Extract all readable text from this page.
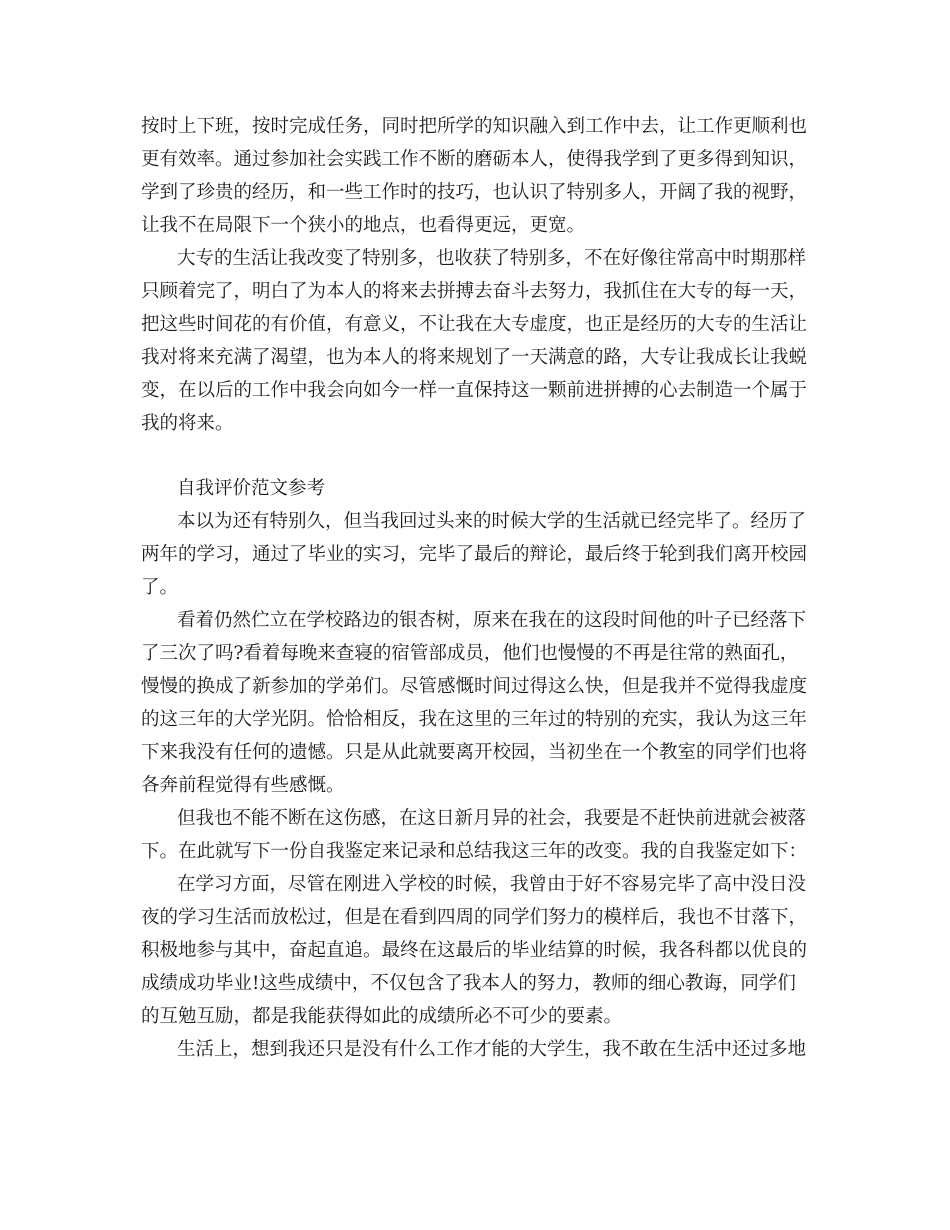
按时上下班，按时完成任务，同时把所学的知识融入到工作中去，让工作更顺利也
更有效率。通过参加社会实践工作不断的磨砺本人，使得我学到了更多得到知识，
学到了珍贵的经历，和一些工作时的技巧，也认识了特别多人，开阔了我的视野，
让我不在局限下一个狭小的地点，也看得更远，更宽。
大专的生活让我改变了特别多，也收获了特别多，不在好像往常高中时期那样
只顾着完了，明白了为本人的将来去拼搏去奋斗去努力，我抓住在大专的每一天，
把这些时间花的有价值，有意义，不让我在大专虚度，也正是经历的大专的生活让
我对将来充满了渴望，也为本人的将来规划了一天满意的路，大专让我成长让我蜕
变，在以后的工作中我会向如今一样一直保持这一颗前进拼搏的心去制造一个属于
我的将来。
自我评价范文参考
本以为还有特别久，但当我回过头来的时候大学的生活就已经完毕了。经历了
两年的学习，通过了毕业的实习，完毕了最后的辩论，最后终于轮到我们离开校园
了。
看着仍然伫立在学校路边的银杏树，原来在我在的这段时间他的叶子已经落下
了三次了吗?看着每晚来查寝的宿管部成员，他们也慢慢的不再是往常的熟面孔，
慢慢的换成了新参加的学弟们。尽管感慨时间过得这么快，但是我并不觉得我虚度
的这三年的大学光阴。恰恰相反，我在这里的三年过的特别的充实，我认为这三年
下来我没有任何的遗憾。只是从此就要离开校园，当初坐在一个教室的同学们也将
各奔前程觉得有些感慨。
但我也不能不断在这伤感，在这日新月异的社会，我要是不赶快前进就会被落
下。在此就写下一份自我鉴定来记录和总结我这三年的改变。我的自我鉴定如下：
在学习方面，尽管在刚进入学校的时候，我曾由于好不容易完毕了高中没日没
夜的学习生活而放松过，但是在看到四周的同学们努力的模样后，我也不甘落下，
积极地参与其中，奋起直追。最终在这最后的毕业结算的时候，我各科都以优良的
成绩成功毕业!这些成绩中，不仅包含了我本人的努力，教师的细心教诲，同学们
的互勉互励，都是我能获得如此的成绩所必不可少的要素。
生活上，想到我还只是没有什么工作才能的大学生，我不敢在生活中还过多地
